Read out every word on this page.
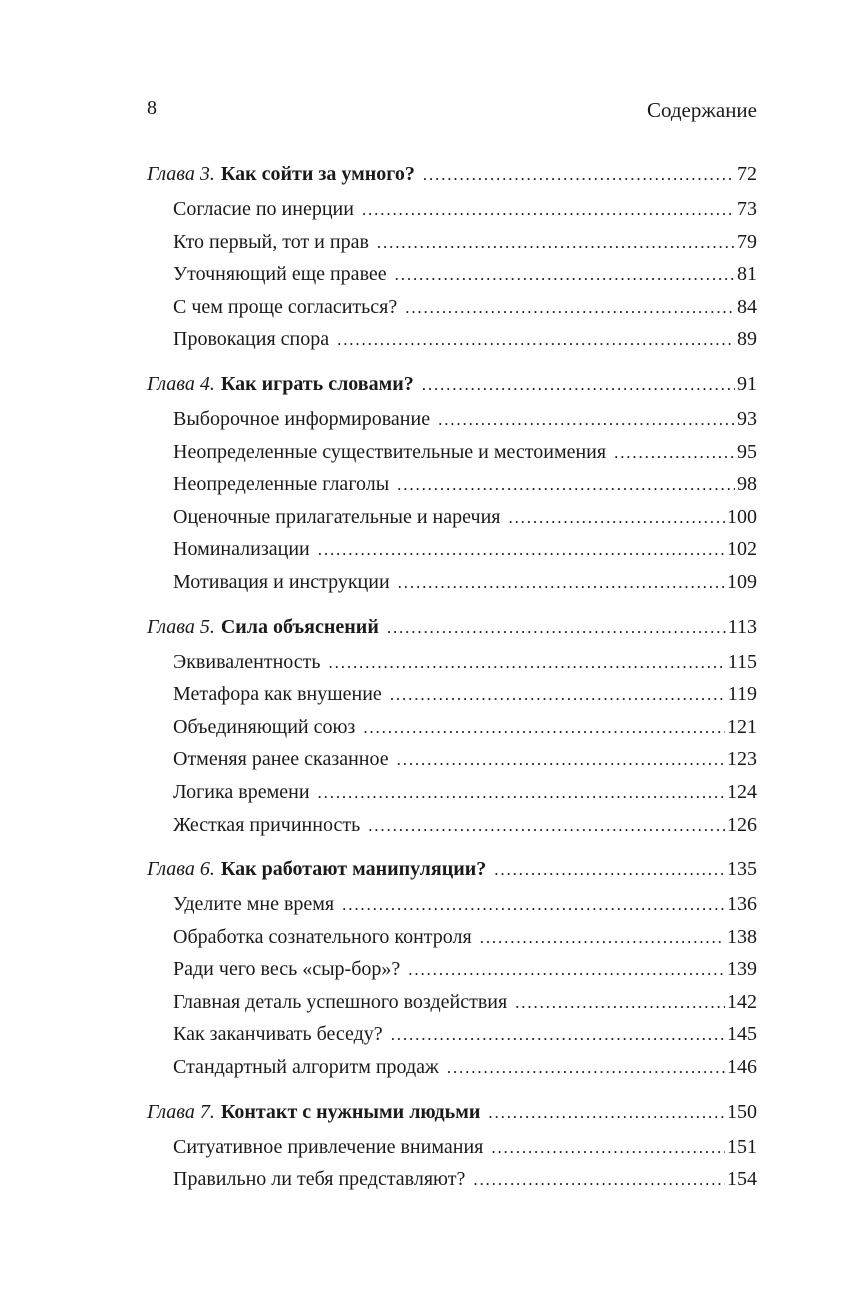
8	Содержание
Глава 3. Как сойти за умного? . . .	72
Согласие по инерции . . .	73
Кто первый, тот и прав . . .	79
Уточняющий еще правее . . .	81
С чем проще согласиться? . . .	84
Провокация спора . . .	89
Глава 4. Как играть словами? . . .	91
Выборочное информирование . . .	93
Неопределенные существительные и местоимения . . .	95
Неопределенные глаголы . . .	98
Оценочные прилагательные и наречия . . .	100
Номинализации . . .	102
Мотивация и инструкции . . .	109
Глава 5. Сила объяснений . . .	113
Эквивалентность . . .	115
Метафора как внушение . . .	119
Объединяющий союз . . .	121
Отменяя ранее сказанное . . .	123
Логика времени . . .	124
Жесткая причинность . . .	126
Глава 6. Как работают манипуляции? . . .	135
Уделите мне время . . .	136
Обработка сознательного контроля . . .	138
Ради чего весь «сыр-бор»? . . .	139
Главная деталь успешного воздействия . . .	142
Как заканчивать беседу? . . .	145
Стандартный алгоритм продаж . . .	146
Глава 7. Контакт с нужными людьми . . .	150
Ситуативное привлечение внимания . . .	151
Правильно ли тебя представляют? . . .	154
